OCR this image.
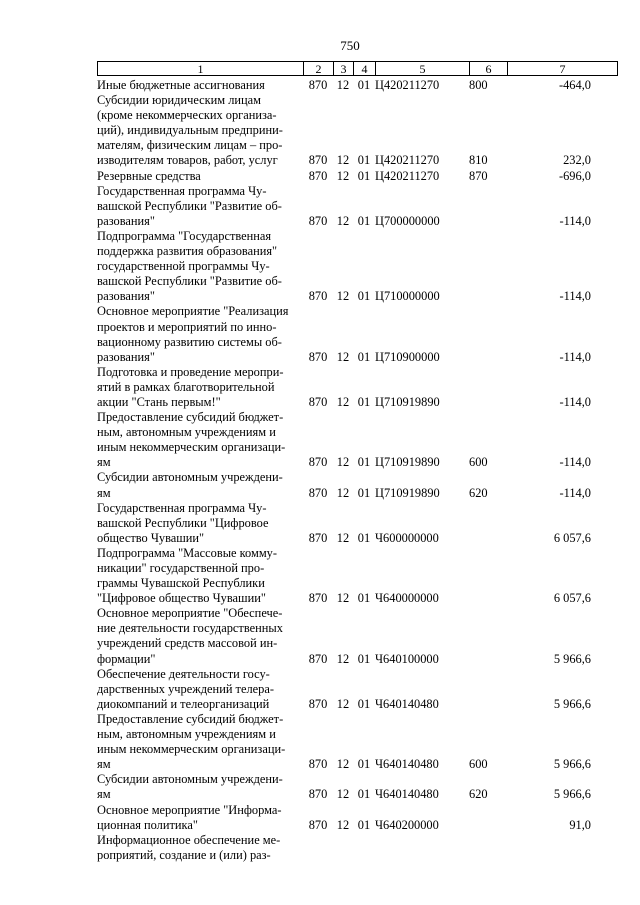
750
1	2	3	4	5	6	7
Иные бюджетные ассигнования	870 12 01 Ц420211270	800	-464,0
Субсидии юридическим лицам
(кроме некоммерческих организа-
ций), индивидуальным предприни-
мателям, физическим лицам – про-
изводителям товаров, работ, услуг	870 12 01 Ц420211270	810	232,0
Резервные средства	870 12 01 Ц420211270	870	-696,0
Государственная программа Чу-
вашской Республики "Развитие об-
разования"	870 12 01 Ц700000000	-114,0
Подпрограмма "Государственная
поддержка развития образования"
государственной программы Чу-
вашской Республики "Развитие об-
разования"	870 12 01 Ц710000000	-114,0
Основное мероприятие "Реализация
проектов и мероприятий по инно-
вационному развитию системы об-
разования"	870 12 01 Ц710900000	-114,0
Подготовка и проведение меропри-
ятий в рамках благотворительной
акции "Стань первым!"	870 12 01 Ц710919890	-114,0
Предоставление субсидий бюджет-
ным, автономным учреждениям и
иным некоммерческим организаци-
ям	870 12 01 Ц710919890	600	-114,0
Субсидии автономным учреждени-
ям	870 12 01 Ц710919890	620	-114,0
Государственная программа Чу-
вашской Республики "Цифровое
общество Чувашии"	870 12 01 Ч600000000	6 057,6
Подпрограмма "Массовые комму-
никации" государственной про-
граммы Чувашской Республики
"Цифровое общество Чувашии"	870 12 01 Ч640000000	6 057,6
Основное мероприятие "Обеспече-
ние деятельности государственных
учреждений средств массовой ин-
формации"	870 12 01 Ч640100000	5 966,6
Обеспечение деятельности госу-
дарственных учреждений телера-
диокомпаний и телеорганизаций	870 12 01 Ч640140480	5 966,6
Предоставление субсидий бюджет-
ным, автономным учреждениям и
иным некоммерческим организаци-
ям	870 12 01 Ч640140480	600	5 966,6
Субсидии автономным учреждени-
ям	870 12 01 Ч640140480	620	5 966,6
Основное мероприятие "Информа-
ционная политика"	870 12 01 Ч640200000	91,0
Информационное обеспечение ме-
роприятий, создание и (или) раз-
